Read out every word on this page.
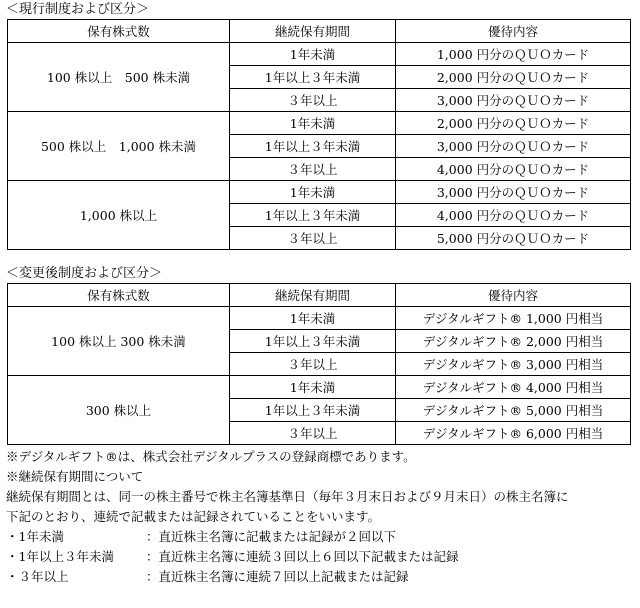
＜現行制度および区分＞
保有株式数	継続保有期間	優待内容
100 株以上　500 株未満	1年未満	1,000 円分のＱＵＯカード
	1年以上３年未満	2,000 円分のＱＵＯカード
	３年以上	3,000 円分のＱＵＯカード
500 株以上　1,000 株未満	1年未満	2,000 円分のＱＵＯカード
	1年以上３年未満	3,000 円分のＱＵＯカード
	３年以上	4,000 円分のＱＵＯカード
1,000 株以上	1年未満	3,000 円分のＱＵＯカード
	1年以上３年未満	4,000 円分のＱＵＯカード
	３年以上	5,000 円分のＱＵＯカード
＜変更後制度および区分＞
保有株式数	継続保有期間	優待内容
100 株以上 300 株未満	1年未満	デジタルギフト® 1,000 円相当
	1年以上３年未満	デジタルギフト® 2,000 円相当
	３年以上	デジタルギフト® 3,000 円相当
300 株以上	1年未満	デジタルギフト® 4,000 円相当
	1年以上３年未満	デジタルギフト® 5,000 円相当
	３年以上	デジタルギフト® 6,000 円相当
※デジタルギフト®は、株式会社デジタルプラスの登録商標であります。
※継続保有期間について
継続保有期間とは、同一の株主番号で株主名簿基準日（毎年３月末日および９月末日）の株主名簿に
下記のとおり、連続で記載または記録されていることをいいます。
・1年未満	：直近株主名簿に記載または記録が２回以下
・1年以上３年未満	：直近株主名簿に連続３回以上６回以下記載または記録
・３年以上	：直近株主名簿に連続７回以上記載または記録
